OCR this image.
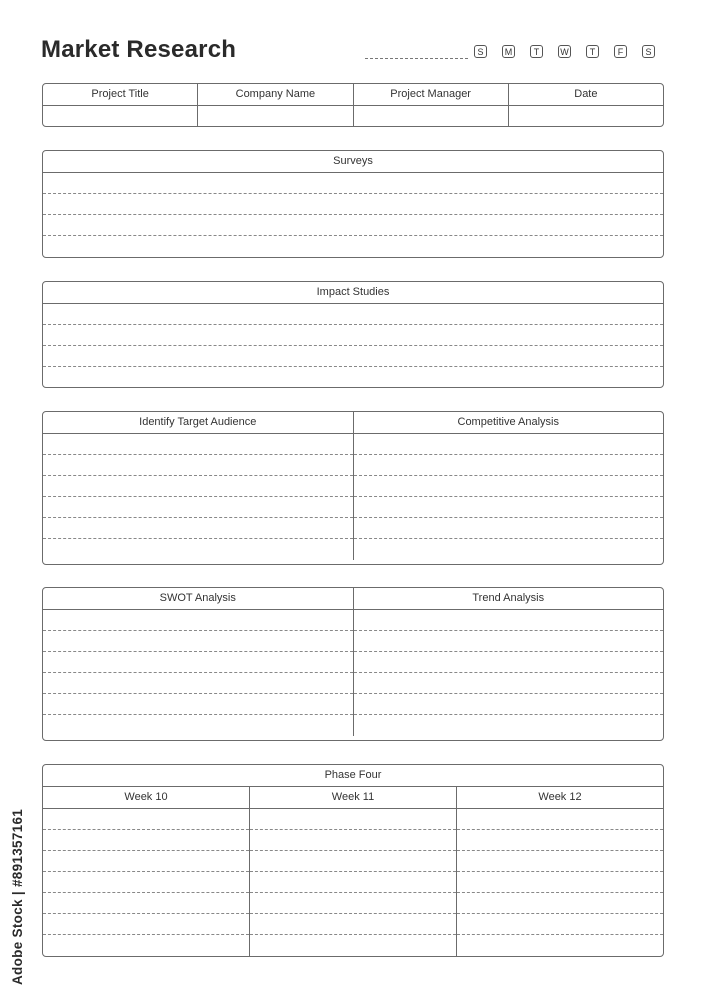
Market Research	S	M	T	W	T	F	S
Project Title	Company Name	Project Manager	Date
Surveys
Impact Studies
Identify Target Audience	Competitive Analysis
SWOT Analysis	Trend Analysis
Phase Four
Week 10	Week 11	Week 12
Adobe Stock | #891357161
